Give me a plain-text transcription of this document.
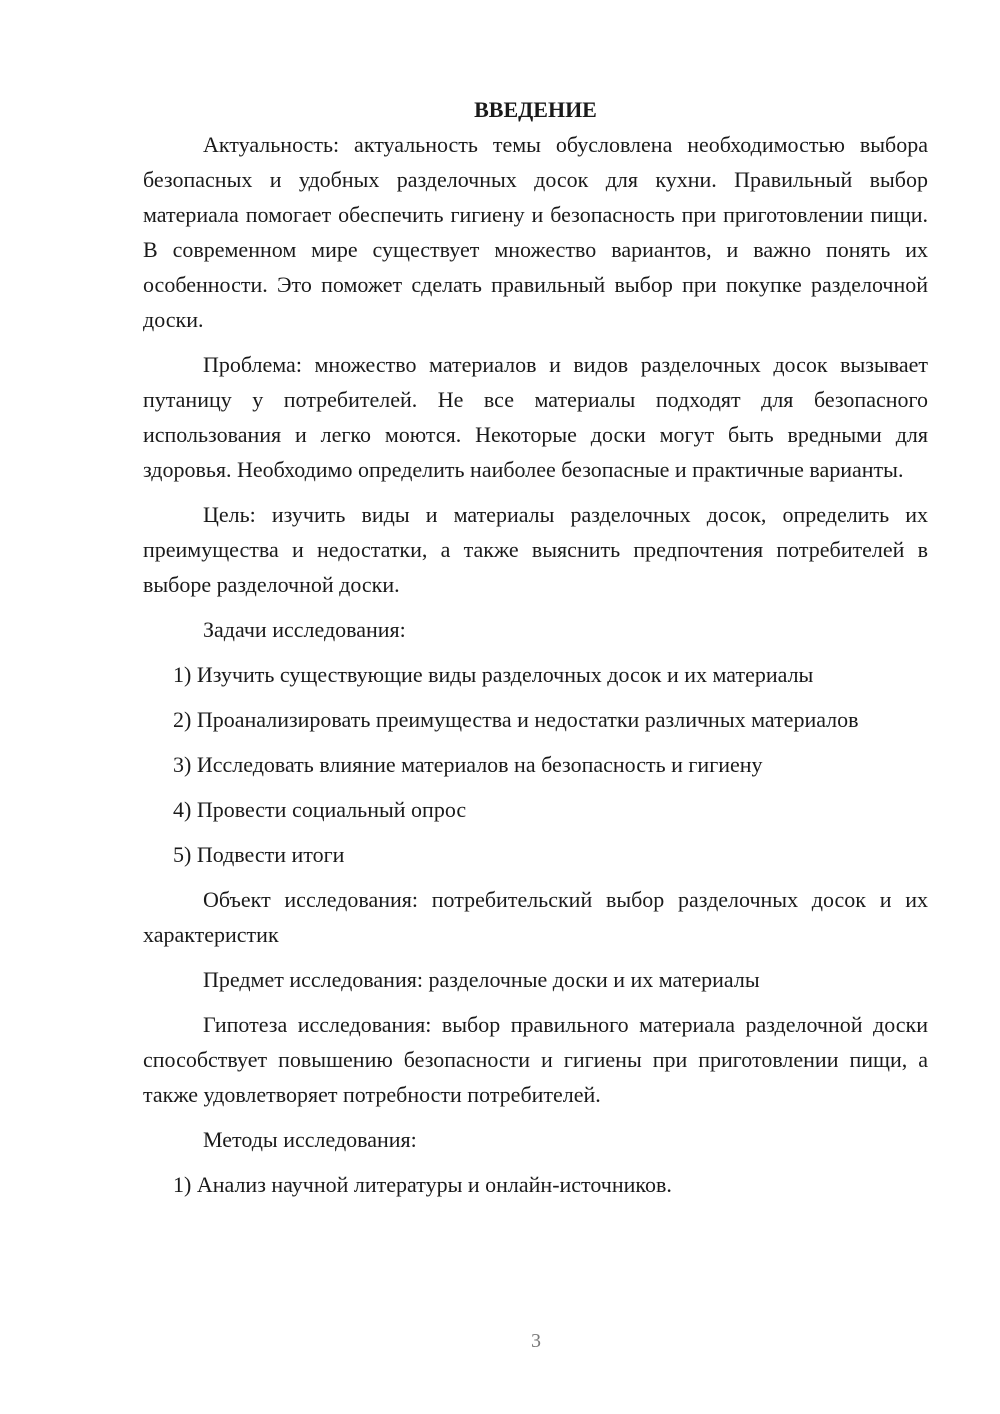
ВВЕДЕНИЕ

Актуальность: актуальность темы обусловлена необходимостью выбора безопасных и удобных разделочных досок для кухни. Правильный выбор материала помогает обеспечить гигиену и безопасность при приготовлении пищи. В современном мире существует множество вариантов, и важно понять их особенности. Это поможет сделать правильный выбор при покупке разделочной доски.

Проблема: множество материалов и видов разделочных досок вызывает путаницу у потребителей. Не все материалы подходят для безопасного использования и легко моются. Некоторые доски могут быть вредными для здоровья. Необходимо определить наиболее безопасные и практичные варианты.

Цель: изучить виды и материалы разделочных досок, определить их преимущества и недостатки, а также выяснить предпочтения потребителей в выборе разделочной доски.

Задачи исследования:

1) Изучить существующие виды разделочных досок и их материалы

2) Проанализировать преимущества и недостатки различных материалов

3) Исследовать влияние материалов на безопасность и гигиену

4) Провести социальный опрос

5) Подвести итоги

Объект исследования: потребительский выбор разделочных досок и их характеристик

Предмет исследования: разделочные доски и их материалы

Гипотеза исследования: выбор правильного материала разделочной доски способствует повышению безопасности и гигиены при приготовлении пищи, а также удовлетворяет потребности потребителей.

Методы исследования:

1) Анализ научной литературы и онлайн-источников.

3
